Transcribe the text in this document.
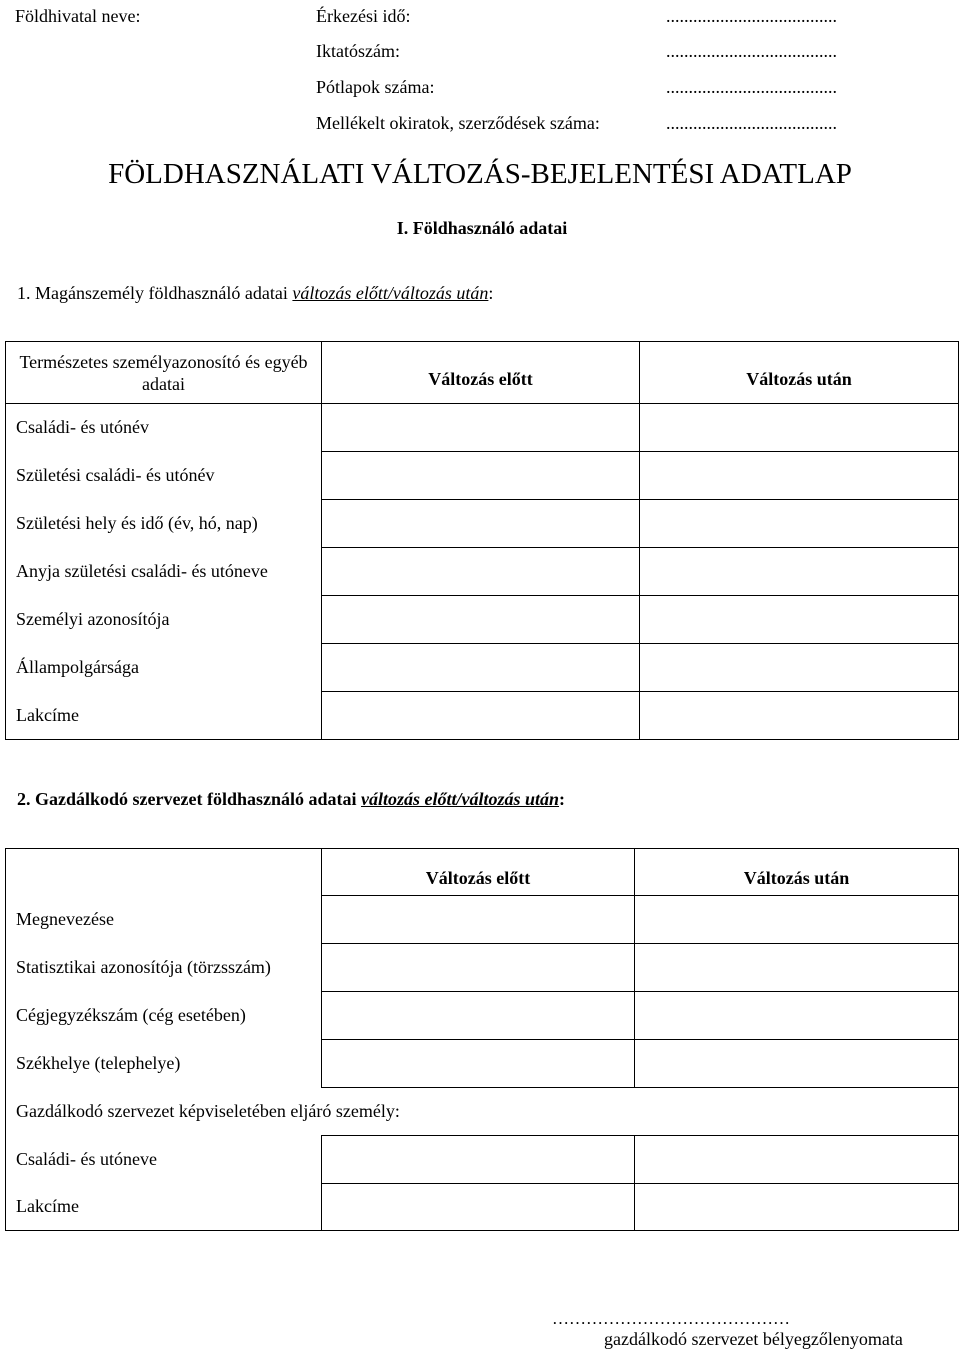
Földhivatal neve:	Érkezési idő:	......................................
Iktatószám:	......................................
Pótlapok száma:	......................................
Mellékelt okiratok, szerződések száma:	......................................
FÖLDHASZNÁLATI VÁLTOZÁS-BEJELENTÉSI ADATLAP
I. Földhasználó adatai
1. Magánszemély földhasználó adatai változás előtt/változás után:
Természetes személyazonosító és egyéb adatai	Változás előtt	Változás után
Családi- és utónév		
Születési családi- és utónév		
Születési hely és idő (év, hó, nap)		
Anyja születési családi- és utóneve		
Személyi azonosítója		
Állampolgársága		
Lakcíme		
2. Gazdálkodó szervezet földhasználó adatai változás előtt/változás után:
	Változás előtt	Változás után
Megnevezése		
Statisztikai azonosítója (törzsszám)		
Cégjegyzékszám (cég esetében)		
Székhelye (telephelye)		
Gazdálkodó szervezet képviseletében eljáró személy:		
Családi- és utóneve		
Lakcíme		
……………………………………
gazdálkodó szervezet bélyegzőlenyomata
